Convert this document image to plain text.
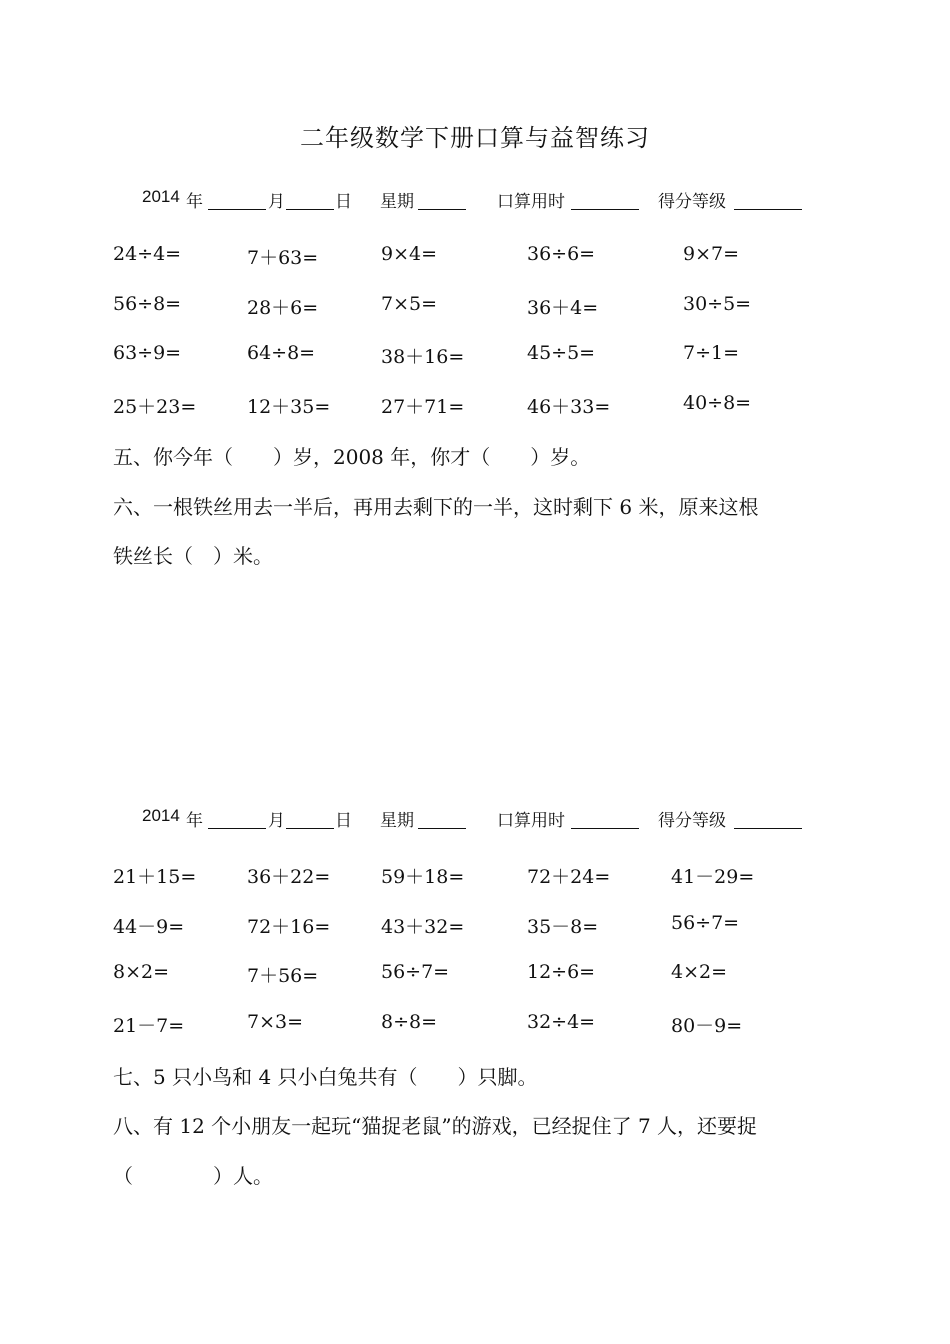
二年级数学下册口算与益智练习
2014 年	月	日 星期	口算用时	得分等级
24÷4=	7＋63=	9×4=	36÷6=	9×7=
56÷8=	28＋6=	7×5=	36＋4=	30÷5=
63÷9=	64÷8=	38＋16=	45÷5=	7÷1=
25＋23=	12＋35=	27＋71=	46＋33=	40÷8=
五、你今年（　　）岁，2008 年，你才（　　）岁。
六、一根铁丝用去一半后，再用去剩下的一半，这时剩下 6 米，原来这根
铁丝长（　）米。
2014 年	月	日 星期	口算用时	得分等级
21＋15=	36＋22=	59＋18=	72＋24=	41－29=
44－9=	72＋16=	43＋32=	35－8=	56÷7=
8×2=	7＋56=	56÷7=	12÷6=	4×2=
21－7=	7×3=	8÷8=	32÷4=	80－9=
七、5 只小鸟和 4 只小白兔共有（　　）只脚。
八、有 12 个小朋友一起玩“猫捉老鼠”的游戏，已经捉住了 7 人，还要捉
（　　　　）人。
